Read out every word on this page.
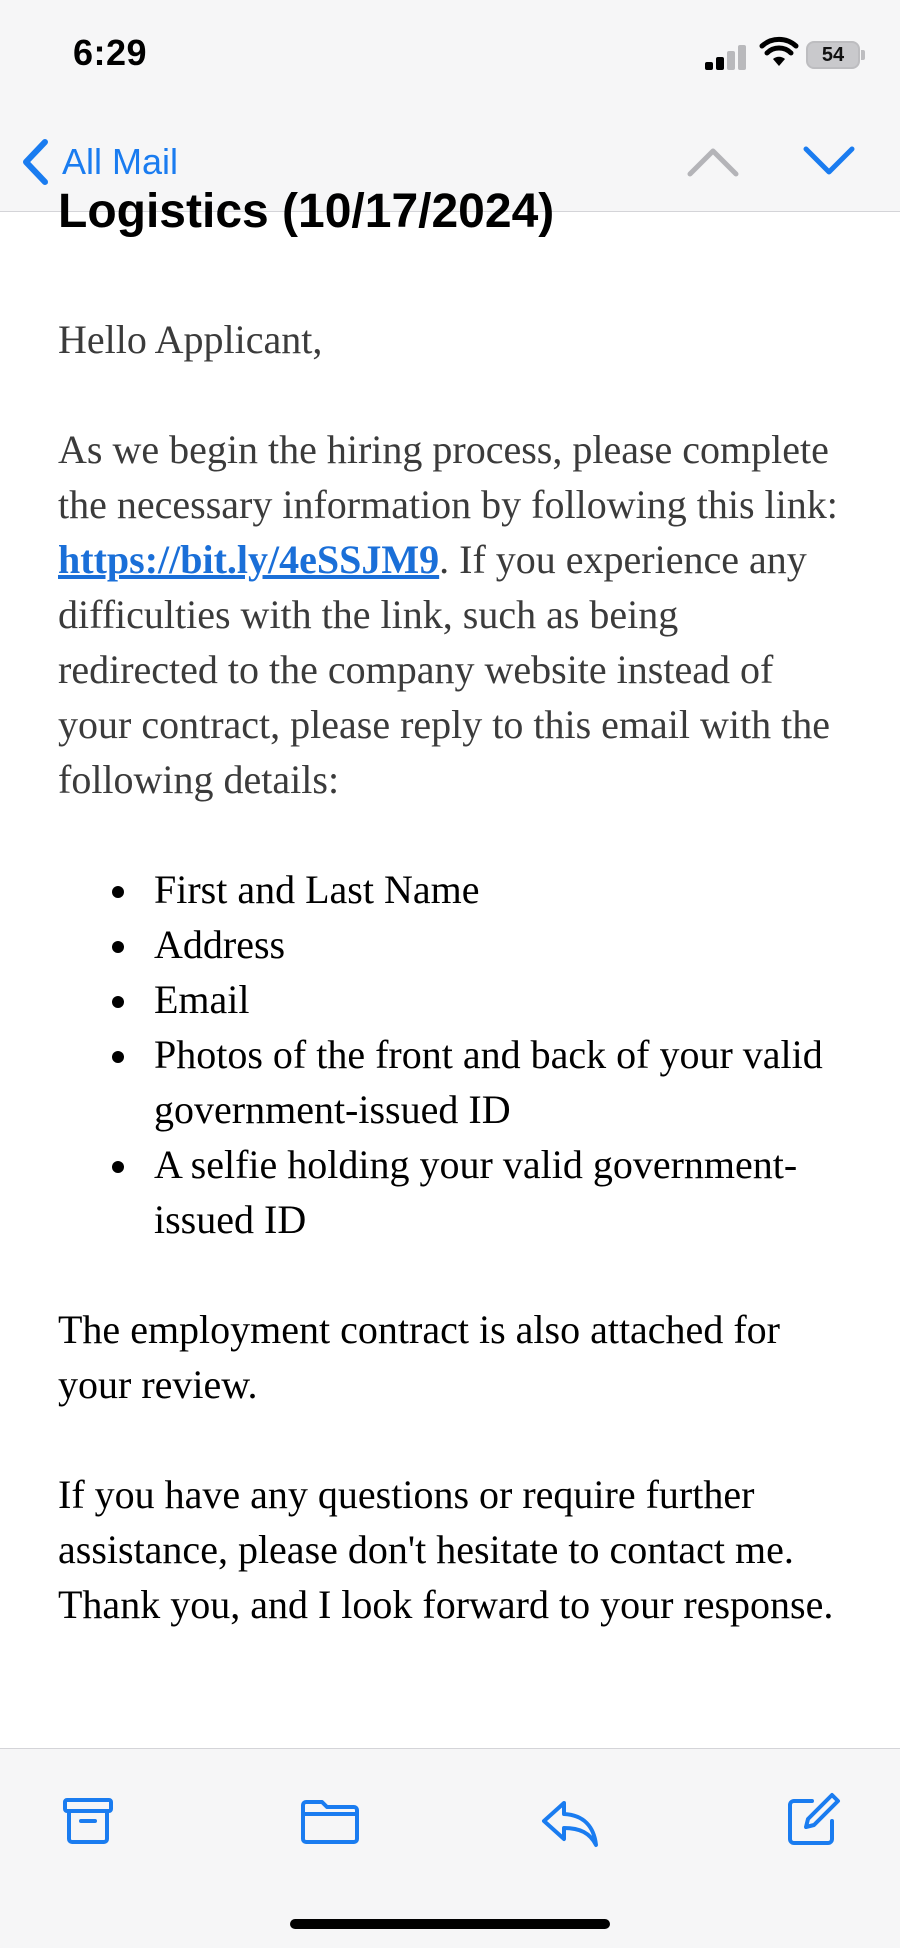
6:29	54
All Mail
Logistics (10/17/2024)

Hello Applicant,

As we begin the hiring process, please complete the necessary information by following this link: https://bit.ly/4eSSJM9. If you experience any difficulties with the link, such as being redirected to the company website instead of your contract, please reply to this email with the following details:

First and Last Name
Address
Email
Photos of the front and back of your valid government-issued ID
A selfie holding your valid government-issued ID

The employment contract is also attached for your review.

If you have any questions or require further assistance, please don't hesitate to contact me.

Thank you, and I look forward to your response.
